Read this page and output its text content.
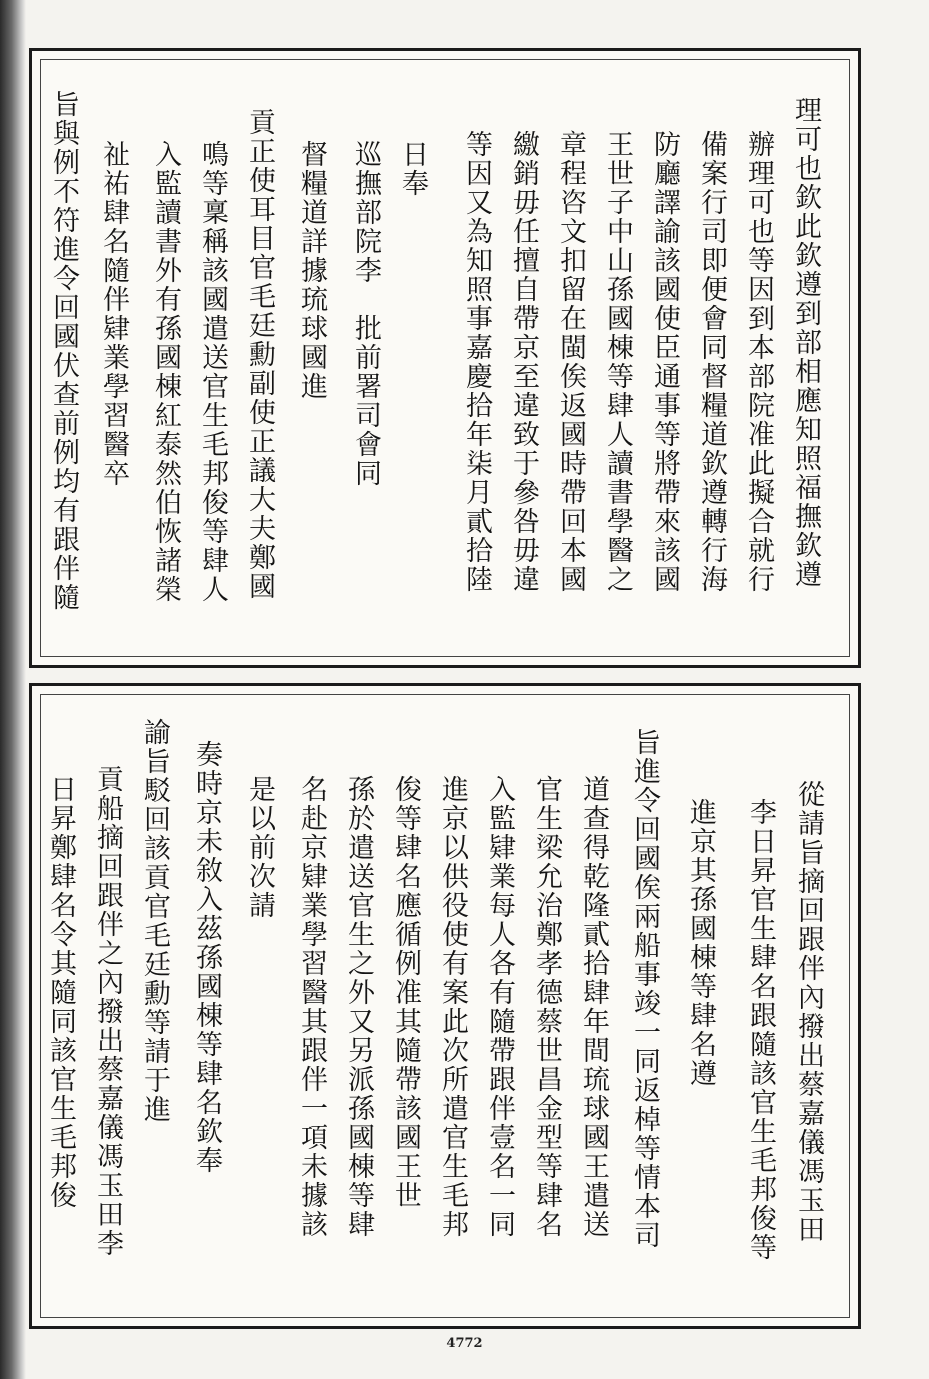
理可也欽此欽遵到部相應知照福撫欽遵
辦理可也等因到本部院准此擬合就行
備案行司即便會同督糧道欽遵轉行海
防廳譯諭該國使臣通事等將帶來該國
王世子中山孫國棟等肆人讀書學醫之
章程咨文扣留在閩俟返國時帶回本國
繳銷毋任擅自帶京至違致于參咎毋違
等因又為知照事嘉慶拾年柒月貳拾陸
日奉
巡撫部院李　批前署司會同
督糧道詳據琉球國進
貢正使耳目官毛廷勳副使正議大夫鄭國
鳴等稟稱該國遣送官生毛邦俊等肆人
入監讀書外有孫國棟紅泰然伯恢諸榮
祉祐肆名隨伴肄業學習醫卒
旨與例不符進令回國伏查前例均有跟伴隨
從請旨摘回跟伴內撥出蔡嘉儀馮玉田
李日昇官生肆名跟隨該官生毛邦俊等
進京其孫國棟等肆名遵
旨進令回國俟兩船事竣一同返棹等情本司
道查得乾隆貳拾肆年間琉球國王遣送
官生梁允治鄭孝德蔡世昌金型等肆名
入監肄業每人各有隨帶跟伴壹名一同
進京以供役使有案此次所遣官生毛邦
俊等肆名應循例准其隨帶該國王世
孫於遣送官生之外又另派孫國棟等肆
名赴京肄業學習醫其跟伴一項未據該
是以前次請
奏時京未敘入茲孫國棟等肆名欽奉
諭旨駁回該貢官毛廷勳等請于進
貢船摘回跟伴之內撥出蔡嘉儀馮玉田李
日昇鄭肆名令其隨同該官生毛邦俊
4772
